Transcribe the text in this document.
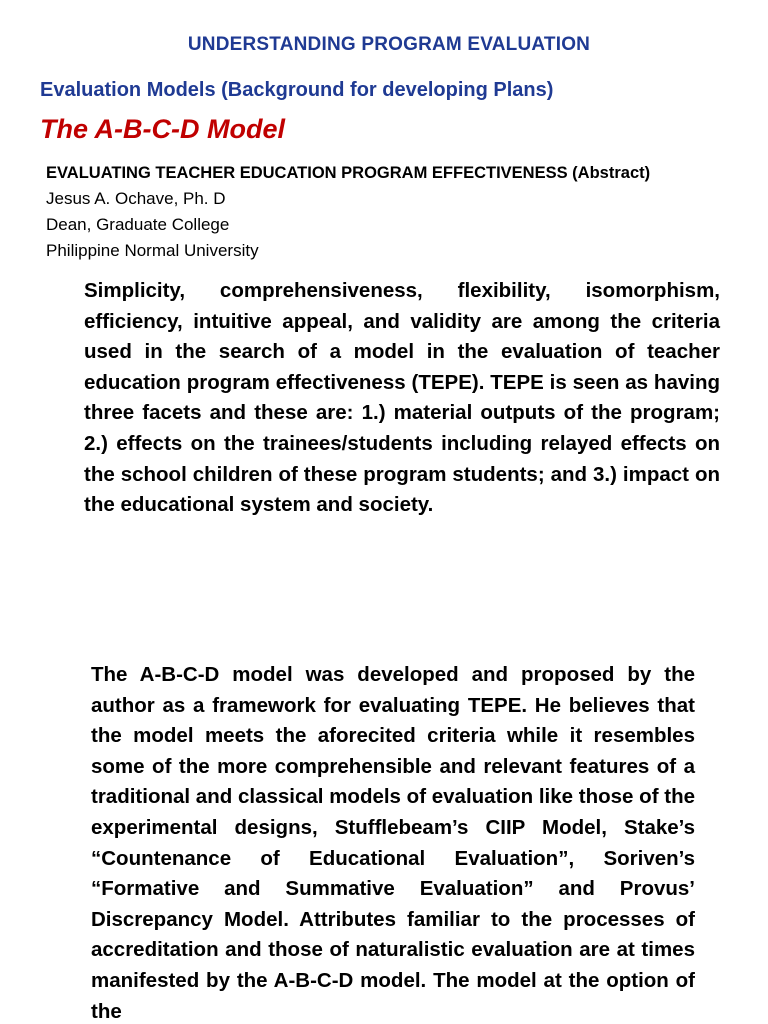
UNDERSTANDING PROGRAM EVALUATION
Evaluation Models (Background for developing Plans)
The A-B-C-D Model
EVALUATING TEACHER EDUCATION PROGRAM EFFECTIVENESS (Abstract)
Jesus A. Ochave, Ph. D
Dean, Graduate College
Philippine Normal University

Simplicity, comprehensiveness, flexibility, isomorphism, efficiency, intuitive appeal, and validity are among the criteria used in the search of a model in the evaluation of teacher education program effectiveness (TEPE). TEPE is seen as having three facets and these are: 1.) material outputs of the program; 2.) effects on the trainees/students including relayed effects on the school children of these program students; and 3.) impact on the educational system and society.

The A-B-C-D model was developed and proposed by the author as a framework for evaluating TEPE. He believes that the model meets the aforecited criteria while it resembles some of the more comprehensible and relevant features of a traditional and classical models of evaluation like those of the experimental designs, Stufflebeam’s CIIP Model, Stake’s “Countenance of Educational Evaluation”, Soriven’s “Formative and Summative Evaluation” and Provus’ Discrepancy Model. Attributes familiar to the processes of accreditation and those of naturalistic evaluation are at times manifested by the A-B-C-D model. The model at the option of the
